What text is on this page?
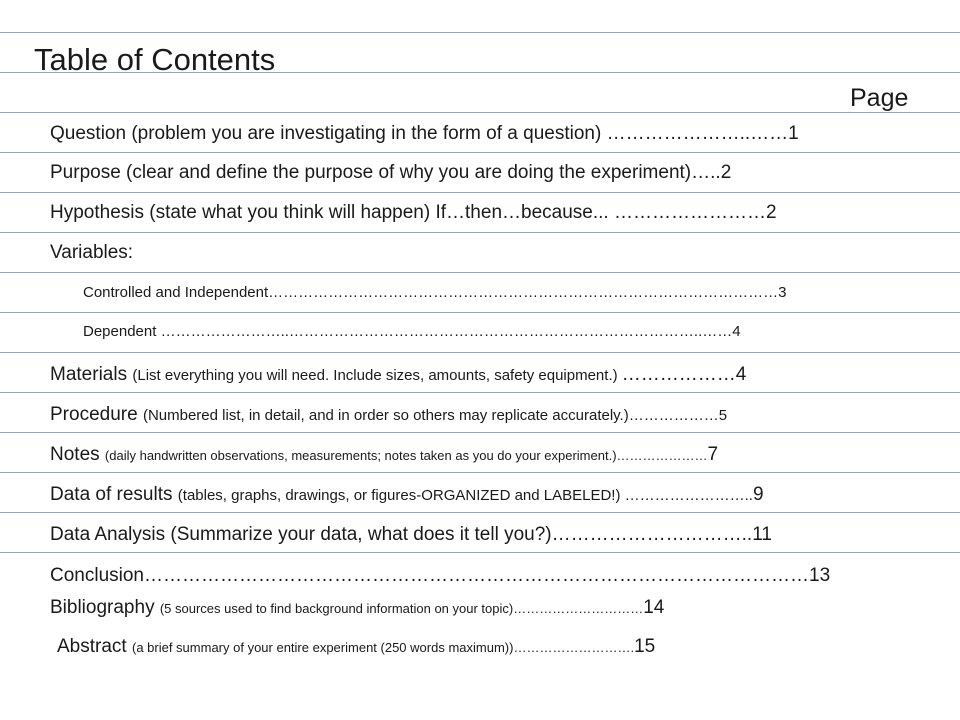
Table of Contents
Page
Question (problem you are investigating in the form of a question) …………………..……1
Purpose (clear and define the purpose of why you are doing the experiment)…..2
Hypothesis (state what you think will happen) If…then…because... ……………………2
Variables:
Controlled and Independent…………………………………………………………………………………………3
Dependent ……………………..………………………………………………………………………..……4
Materials (List everything you will need. Include sizes, amounts, safety equipment.) ………………4
Procedure (Numbered list, in detail, and in order so others may replicate accurately.)………………5
Notes (daily handwritten observations, measurements; notes taken as you do your experiment.)…………………7
Data of results (tables, graphs, drawings, or figures-ORGANIZED and LABELED!) ……………………..9
Data Analysis (Summarize your data, what does it tell you?)…………………………..11
Conclusion……………………………………………………………………………………………13
Bibliography (5 sources used to find background information on your topic)…………………………14
Abstract (a brief summary of your entire experiment (250 words maximum))……………………….15
